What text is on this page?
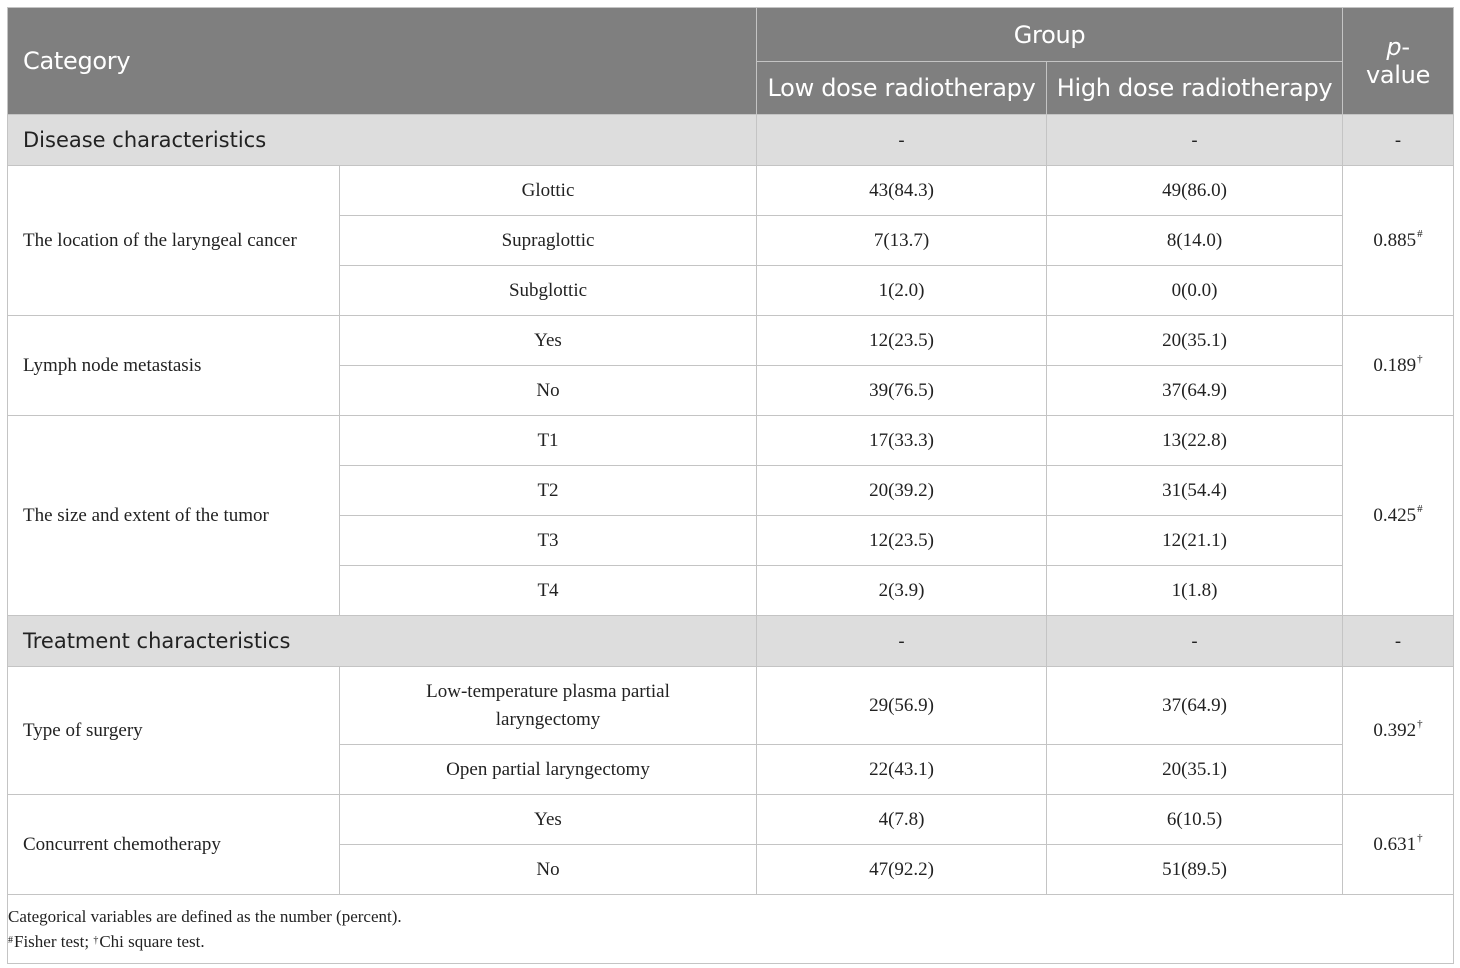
Category		Group		p-
value
		Low dose radiotherapy	High dose radiotherapy	
Disease characteristics		-	-	-
The location of the laryngeal cancer	Glottic	43(84.3)	49(86.0)	0.885#
	Supraglottic	7(13.7)	8(14.0)	
	Subglottic	1(2.0)	0(0.0)	
Lymph node metastasis	Yes	12(23.5)	20(35.1)	0.189†
	No	39(76.5)	37(64.9)	
The size and extent of the tumor	T1	17(33.3)	13(22.8)	0.425#
	T2	20(39.2)	31(54.4)	
	T3	12(23.5)	12(21.1)	
	T4	2(3.9)	1(1.8)	
Treatment characteristics		-	-	-
Type of surgery	Low-temperature plasma partial laryngectomy	29(56.9)	37(64.9)	0.392†
	Open partial laryngectomy	22(43.1)	20(35.1)	
Concurrent chemotherapy	Yes	4(7.8)	6(10.5)	0.631†
	No	47(92.2)	51(89.5)	
Categorical variables are defined as the number (percent).
#Fisher test; †Chi square test.				
